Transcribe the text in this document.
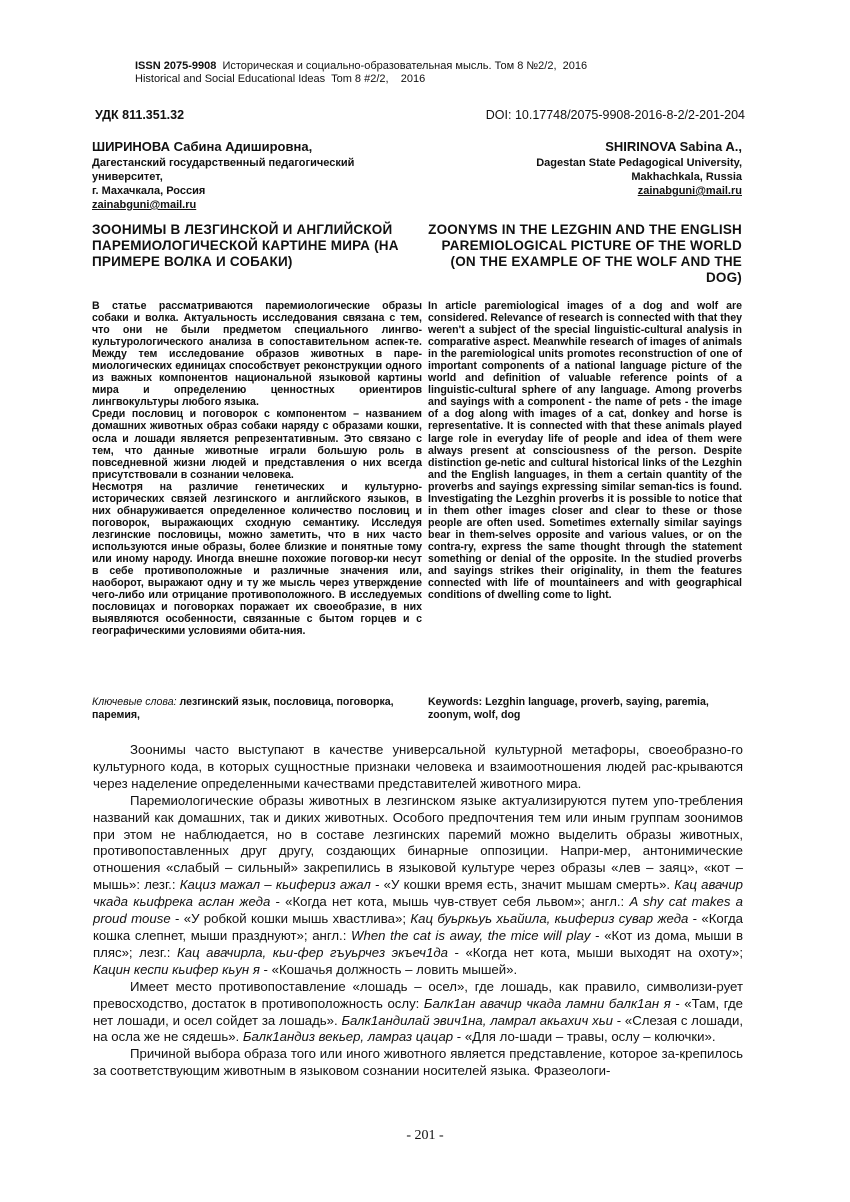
ISSN 2075-9908  Историческая и социально-образовательная мысль. Том 8 №2/2,  2016
Historical and Social Educational Ideas  Tom 8 #2/2,    2016
УДК 811.351.32	DOI: 10.17748/2075-9908-2016-8-2/2-201-204
ШИРИНОВА Сабина Адишировна,
Дагестанский государственный педагогический университет,
г. Махачкала, Россия
zainabguni@mail.ru
SHIRINOVA Sabina A.,
Dagestan State Pedagogical University,
Makhachkala, Russia
zainabguni@mail.ru
ЗООНИМЫ В ЛЕЗГИНСКОЙ И АНГЛИЙСКОЙ ПАРЕМИОЛОГИЧЕСКОЙ КАРТИНЕ МИРА (НА ПРИМЕРЕ ВОЛКА И СОБАКИ)
ZOONYMS IN THE LEZGHIN AND THE ENGLISH PAREMIOLOGICAL PICTURE OF THE WORLD (ON THE EXAMPLE OF THE WOLF AND THE DOG)

В статье рассматриваются паремиологические образы собаки и волка. Актуальность исследования связана с тем, что они не были предметом специального лингво-культурологического анализа в сопоставительном аспек-те. Между тем исследование образов животных в паре-миологических единицах способствует реконструкции одного из важных компонентов национальной языковой картины мира и определению ценностных ориентиров лингвокультуры любого языка.

Среди пословиц и поговорок с компонентом – названием домашних животных образ собаки наряду с образами кошки, осла и лошади является репрезентативным. Это связано с тем, что данные животные играли большую роль в повседневной жизни людей и представления о них всегда присутствовали в сознании человека.

Несмотря на различие генетических и культурно-исторических связей лезгинского и английского языков, в них обнаруживается определенное количество пословиц и поговорок, выражающих сходную семантику. Исследуя лезгинские пословицы, можно заметить, что в них часто используются иные образы, более близкие и понятные тому или иному народу. Иногда внешне похожие поговор-ки несут в себе противоположные и различные значения или, наоборот, выражают одну и ту же мысль через утверждение чего-либо или отрицание противоположного. В исследуемых пословицах и поговорках поражает их своеобразие, в них выявляются особенности, связанные с бытом горцев и с географическими условиями обита-ния.

In article paremiological images of a dog and wolf are considered. Relevance of research is connected with that they weren't a subject of the special linguistic-cultural analysis in comparative aspect. Meanwhile research of images of animals in the paremiological units promotes reconstruction of one of important components of a national language picture of the world and definition of valuable reference points of a linguistic-cultural sphere of any language. Among proverbs and sayings with a component - the name of pets - the image of a dog along with images of a cat, donkey and horse is representative. It is connected with that these animals played large role in everyday life of people and idea of them were always present at consciousness of the person. Despite distinction ge-netic and cultural historical links of the Lezghin and the English languages, in them a certain quantity of the proverbs and sayings expressing similar seman-tics is found. Investigating the Lezghin proverbs it is possible to notice that in them other images closer and clear to these or those people are often used. Sometimes externally similar sayings bear in them-selves opposite and various values, or on the contra-ry, express the same thought through the statement something or denial of the opposite. In the studied proverbs and sayings strikes their originality, in them the features connected with life of mountaineers and with geographical conditions of dwelling come to light.

Ключевые слова: лезгинский язык, пословица, поговорка, паремия,
Keywords: Lezghin language, proverb, saying, paremia, zoonym, wolf, dog

Зоонимы часто выступают в качестве универсальной культурной метафоры, своеобразно-го культурного кода, в которых сущностные признаки человека и взаимоотношения людей рас-крываются через наделение определенными качествами представителей животного мира.

Паремиологические образы животных в лезгинском языке актуализируются путем упо-требления названий как домашних, так и диких животных. Особого предпочтения тем или иным группам зоонимов при этом не наблюдается, но в составе лезгинских паремий можно выделить образы животных, противопоставленных друг другу, создающих бинарные оппозиции. Напри-мер, антонимические отношения «слабый – сильный» закрепились в языковой культуре через образы «лев – заяц», «кот – мышь»: лезг.: Кациз мажал – кьифериз ажал - «У кошки время есть, значит мышам смерть». Кац авачир чкада кьифрека аслан жеда - «Когда нет кота, мышь чув-ствует себя львом»; англ.: A shy cat makes a proud mouse - «У робкой кошки мышь хвастлива»; Кац буьркьуь хьайила, кьифериз сувар жеда - «Когда кошка слепнет, мыши празднуют»; англ.: When the cat is away, the mice will play - «Кот из дома, мыши в пляс»; лезг.: Кац авачирла, кьи-фер гъуьрчез экъеч1да - «Когда нет кота, мыши выходят на охоту»; Кацин кеспи кьифер кьун я - «Кошачья должность – ловить мышей».

Имеет место противопоставление «лошадь – осел», где лошадь, как правило, символизи-рует превосходство, достаток в противоположность ослу: Балк1ан авачир чкада ламни балк1ан я - «Там, где нет лошади, и осел сойдет за лошадь». Балк1андилай эвич1на, ламрал акьахич хьи - «Слезая с лошади, на осла же не сядешь». Балк1андиз векьер, ламраз цацар - «Для ло-шади – травы, ослу – колючки».

Причиной выбора образа того или иного животного является представление, которое за-крепилось за соответствующим животным в языковом сознании носителей языка. Фразеологи-

- 201 -
